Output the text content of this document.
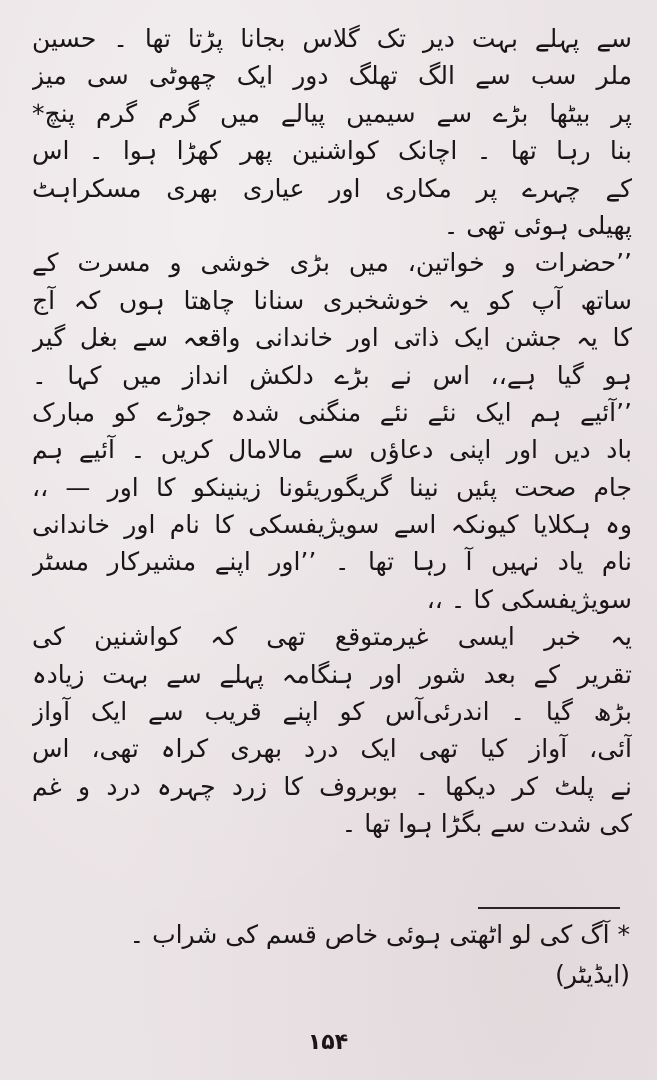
سے پہلے بہت دیر تک گلاس بجانا پڑتا تھا ۔ حسین
ملر سب سے الگ تھلگ دور ایک چھوٹی سی میز
پر بیٹھا بڑے سے سیمیں پیالے میں گرم گرم پنچ*
بنا رہا تھا ۔ اچانک کواشنین پھر کھڑا ہوا ۔ اس
کے چہرے پر مکاری اور عیاری بھری مسکراہٹ
پھیلی ہوئی تھی ۔
’’حضرات و خواتین، میں بڑی خوشی و مسرت کے
ساتھ آپ کو یہ خوشخبری سنانا چاھتا ہوں کہ آج
کا یہ جشن ایک ذاتی اور خاندانی واقعہ سے بغل گیر
ہو گیا ہے،، اس نے بڑے دلکش انداز میں کہا ۔
’’آئیے ہم ایک نئے نئے منگنی شدہ جوڑے کو مبارک
باد دیں اور اپنی دعاؤں سے مالامال کریں ۔ آئیے ہم
جام صحت پئیں نینا گریگوریئونا زینینکو کا اور — ،،
وہ ہکلایا کیونکہ اسے سویژیفسکی کا نام اور خاندانی
نام یاد نہیں آ رہا تھا ۔ ’’اور اپنے مشیرکار مسٹر
سویژیفسکی کا ۔ ،،
یہ خبر ایسی غیرمتوقع تھی کہ کواشنین کی
تقریر کے بعد شور اور ہنگامہ پہلے سے بہت زیادہ
بڑھ گیا ۔ اندرئی‌آس کو اپنے قریب سے ایک آواز
آئی، آواز کیا تھی ایک درد بھری کراہ تھی، اس
نے پلٹ کر دیکھا ۔ بوبروف کا زرد چہرہ درد و غم
کی شدت سے بگڑا ہوا تھا ۔
* آگ کی لو اٹھتی ہوئی خاص قسم کی شراب ۔
(ایڈیٹر)
۱۵۴
